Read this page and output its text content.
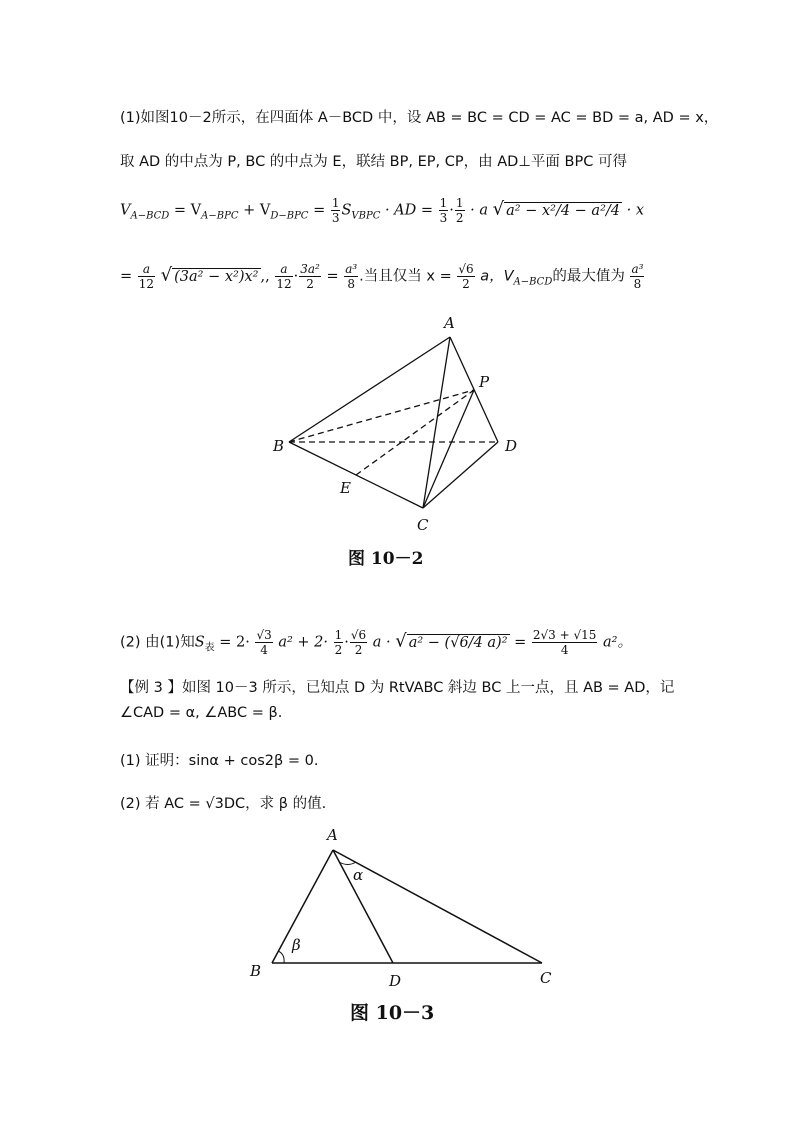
(1)如图10－2所示，在四面体 A－BCD 中，设 AB = BC = CD = AC = BD = a, AD = x，
取 AD 的中点为 P, BC 的中点为 E，联结 BP, EP, CP，由 AD⊥平面 BPC 可得
$V_{A-BCD} = V_{A-BPC} + V_{D-BPC} = \frac{1}{3} S_{VBPC}$ · AD = $\frac{1}{3} \cdot \frac{1}{2} \cdot a$ √ a² − x²/4 − a²/4 · x
= $\frac{a}{12}$ √ (3a² − x²)x² ,, $\frac{a}{12} \cdot \frac{\text{3a²}}{2} = \frac{\text{a³}}{8}$ .当且仅当 $x = \frac{√6}{2}$ a，$V_{A-BCD}$的最大值为 $\frac{\text{a³}}{8}$
A
P
B	D
E
C
图 10－2
(2) 由(1)知$S_表 = 2\cdot \frac{√3}{4} a^2 + 2\cdot \frac{1}{2} \cdot \frac{√6}{2}$ a · √ a² − (√6/4 $a)^2 = \frac{2√3 + √15}{4} a^2$。
【例 3 】如图 10－3 所示，已知点 D 为 RtVABC 斜边 BC 上一点，且 AB = AD，记
∠CAD = α, ∠ABC = β.
(1) 证明：sinα + cos2β = 0.
(2) 若 AC = √3DC，求 β 的值.
A
α
β
B
D	C
图 10－3
